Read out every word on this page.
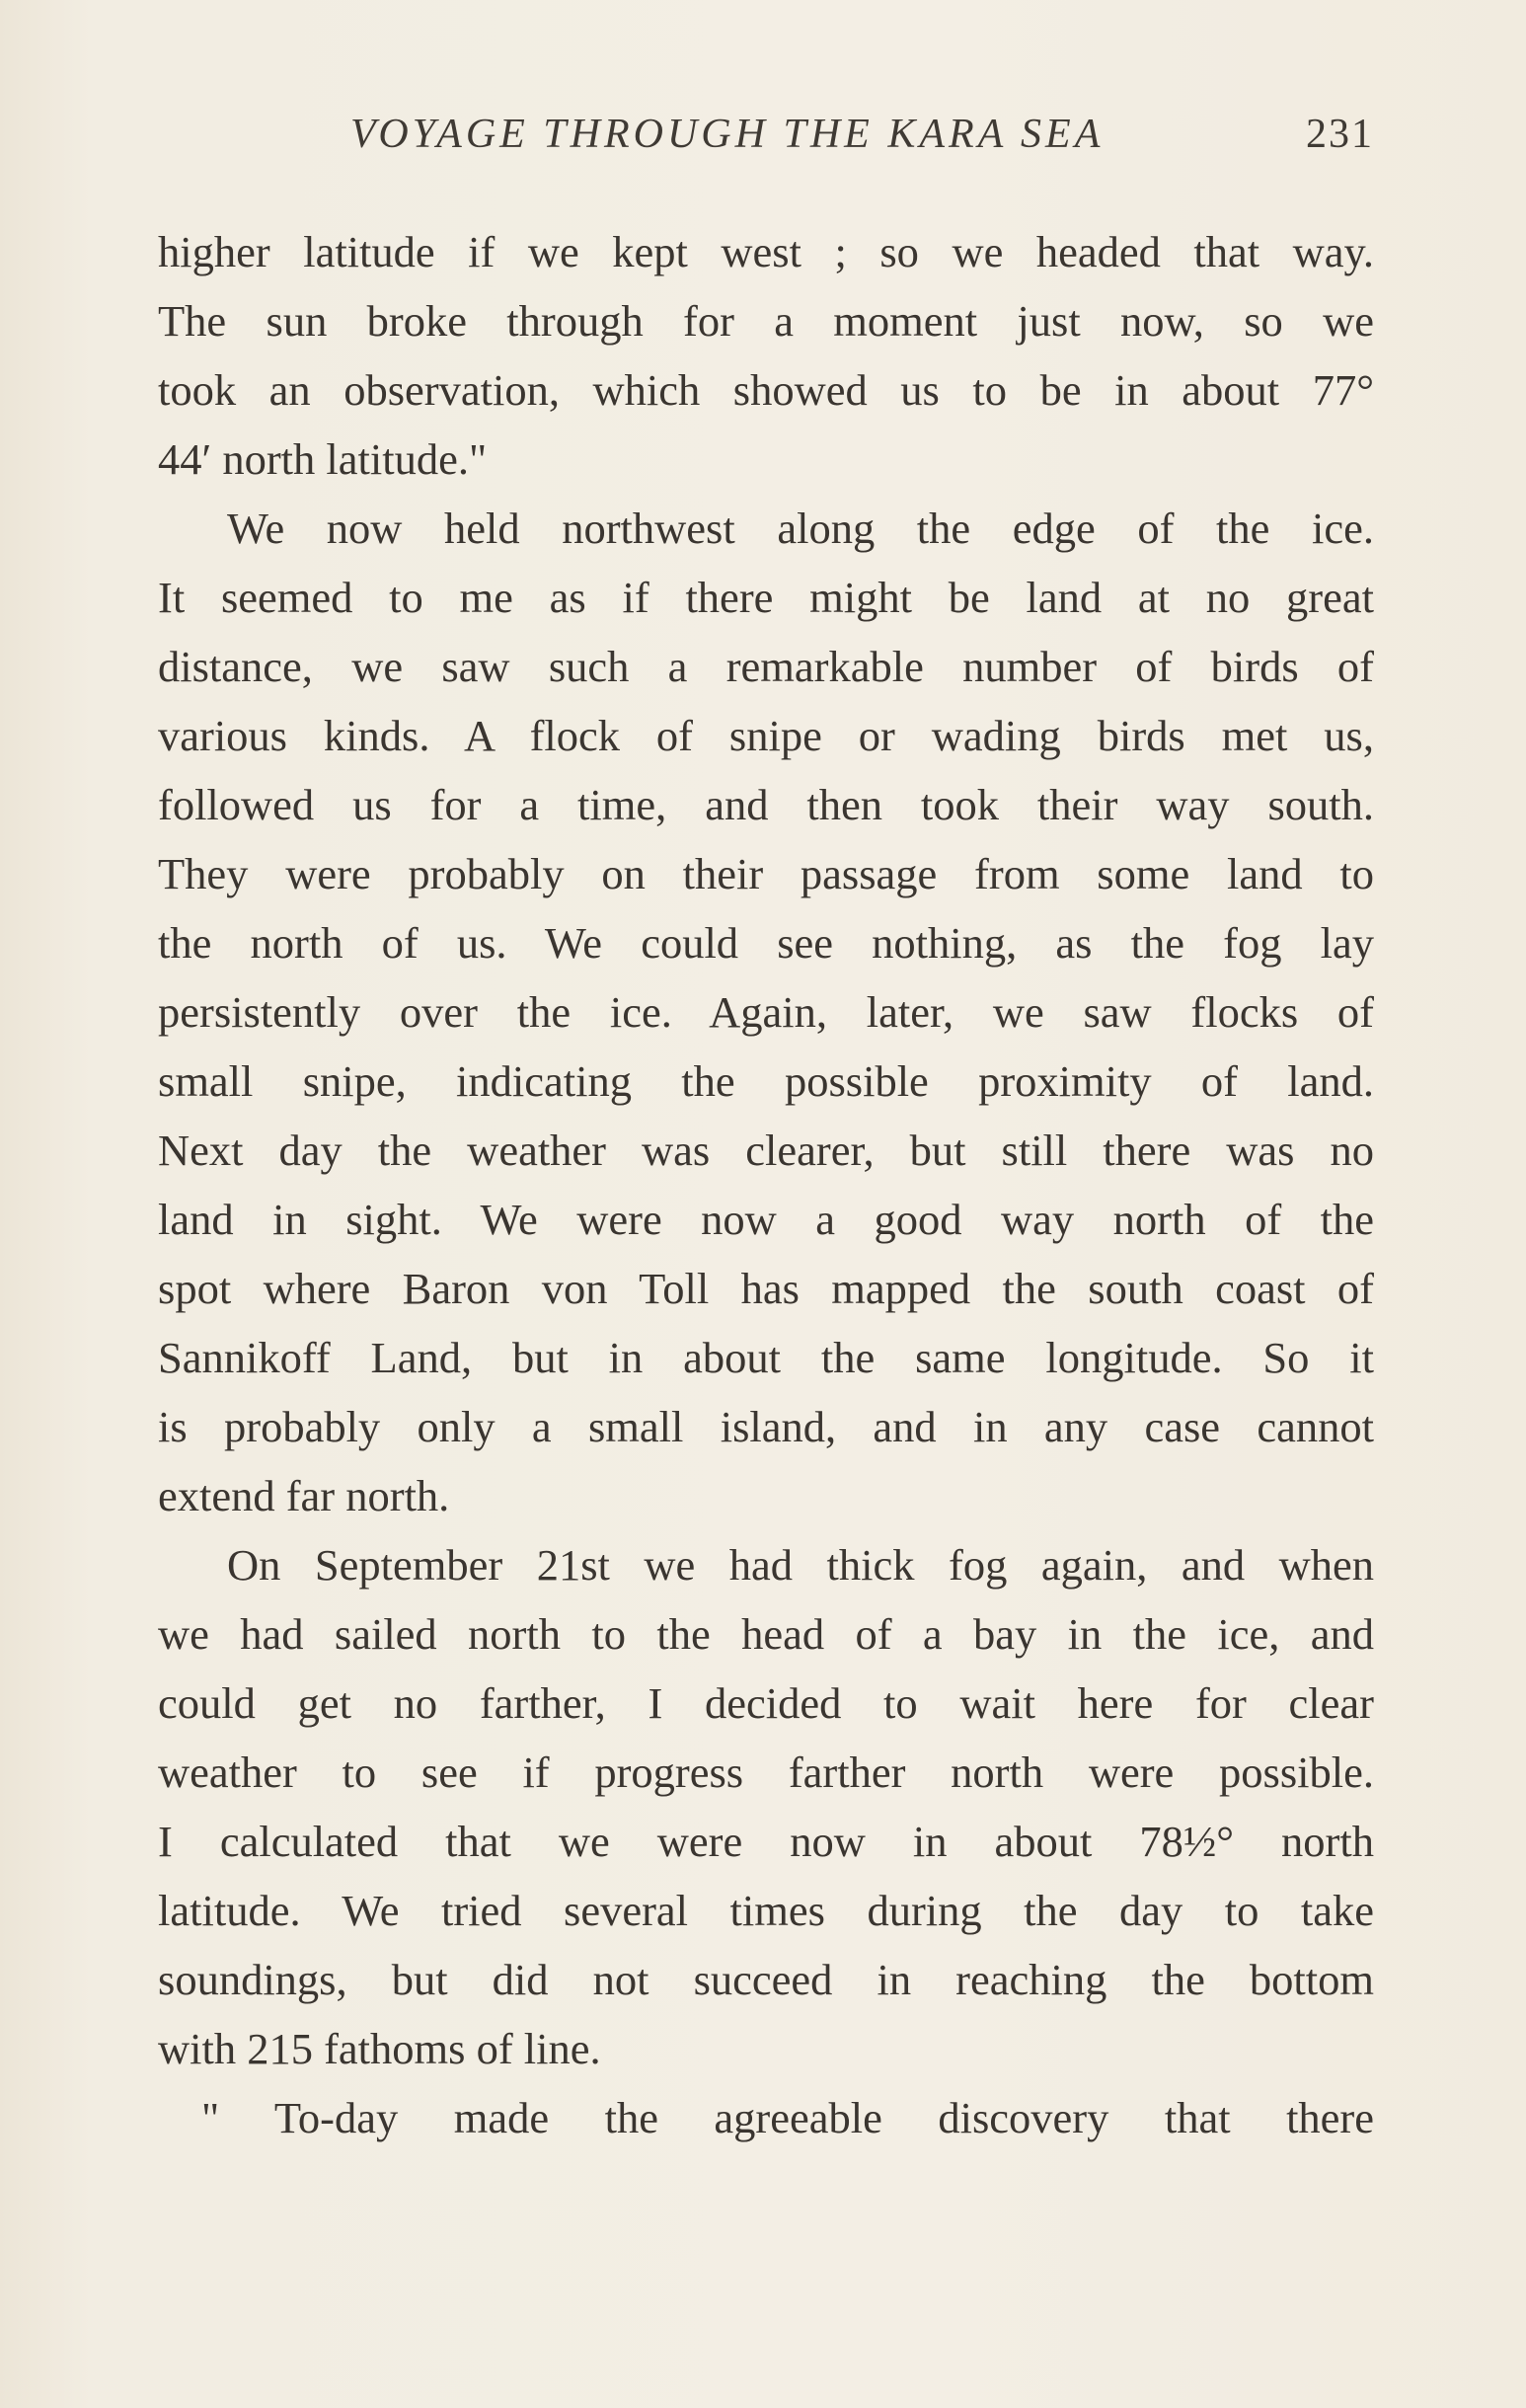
VOYAGE THROUGH THE KARA SEA	231
higher latitude if we kept west ; so we headed that way.
The sun broke through for a moment just now, so we
took an observation, which showed us to be in about 77°
44′ north latitude."
We now held northwest along the edge of the ice.
It seemed to me as if there might be land at no great
distance, we saw such a remarkable number of birds of
various kinds. A flock of snipe or wading birds met us,
followed us for a time, and then took their way south.
They were probably on their passage from some land to
the north of us. We could see nothing, as the fog lay
persistently over the ice. Again, later, we saw flocks of
small snipe, indicating the possible proximity of land.
Next day the weather was clearer, but still there was no
land in sight. We were now a good way north of the
spot where Baron von Toll has mapped the south coast of
Sannikoff Land, but in about the same longitude. So it
is probably only a small island, and in any case cannot
extend far north.
On September 21st we had thick fog again, and when
we had sailed north to the head of a bay in the ice, and
could get no farther, I decided to wait here for clear
weather to see if progress farther north were possible.
I calculated that we were now in about 78½° north
latitude. We tried several times during the day to take
soundings, but did not succeed in reaching the bottom
with 215 fathoms of line.
" To-day made the agreeable discovery that there
